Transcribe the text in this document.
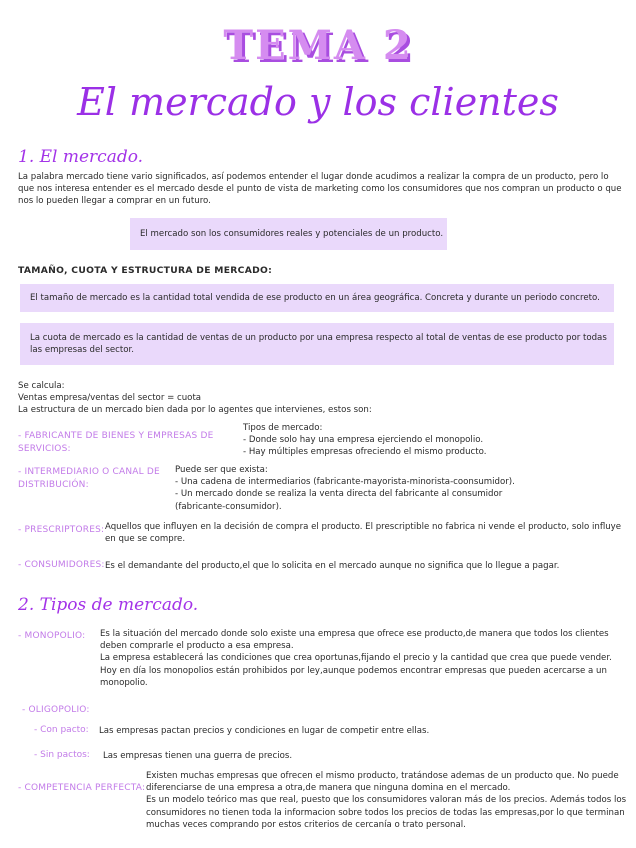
TEMA 2
El mercado y los clientes
1. El mercado.
La palabra mercado tiene vario significados, así podemos entender el lugar donde acudimos a realizar la compra de un producto, pero lo
que nos interesa entender es el mercado desde el punto de vista de marketing como los consumidores que nos compran un producto o que
nos lo pueden llegar a comprar en un futuro.
El mercado son los consumidores reales y potenciales de un producto.
TAMAÑO, CUOTA Y ESTRUCTURA DE MERCADO:
El tamaño de mercado es la cantidad total vendida de ese producto en un área geográfica. Concreta y durante un periodo concreto.
La cuota de mercado es la cantidad de ventas de un producto por una empresa respecto al total de ventas de ese producto por todas
las empresas del sector.
Se calcula:
Ventas empresa/ventas del sector = cuota
La estructura de un mercado bien dada por lo agentes que intervienes, estos son:
- FABRICANTE DE BIENES Y EMPRESAS DE
SERVICIOS:
Tipos de mercado:
- Donde solo hay una empresa ejerciendo el monopolio.
- Hay múltiples empresas ofreciendo el mismo producto.
- INTERMEDIARIO O CANAL DE
DISTRIBUCIÓN:
Puede ser que exista:
- Una cadena de intermediarios (fabricante-mayorista-minorista-coonsumidor).
- Un mercado donde se realiza la venta directa del fabricante al consumidor
(fabricante-consumidor).
- PRESCRIPTORES: Aquellos que influyen en la decisión de compra el producto. El prescriptible no fabrica ni vende el producto, solo influye
en que se compre.
- CONSUMIDORES: Es el demandante del producto,el que lo solicita en el mercado aunque no significa que lo llegue a pagar.
2. Tipos de mercado.
- MONOPOLIO: Es la situación del mercado donde solo existe una empresa que ofrece ese producto,de manera que todos los clientes
deben comprarle el producto a esa empresa.
La empresa establecerá las condiciones que crea oportunas,fijando el precio y la cantidad que crea que puede vender.
Hoy en día los monopolios están prohibidos por ley,aunque podemos encontrar empresas que pueden acercarse a un
monopolio.
- OLIGOPOLIO:
- Con pacto: Las empresas pactan precios y condiciones en lugar de competir entre ellas.
- Sin pactos: Las empresas tienen una guerra de precios.
- COMPETENCIA PERFECTA:
Existen muchas empresas que ofrecen el mismo producto, tratándose ademas de un producto que. No puede
diferenciarse de una empresa a otra,de manera que ninguna domina en el mercado.
Es un modelo teórico mas que real, puesto que los consumidores valoran más de los precios. Además todos los
consumidores no tienen toda la informacion sobre todos los precios de todas las empresas,por lo que terminan
muchas veces comprando por estos criterios de cercanía o trato personal.
